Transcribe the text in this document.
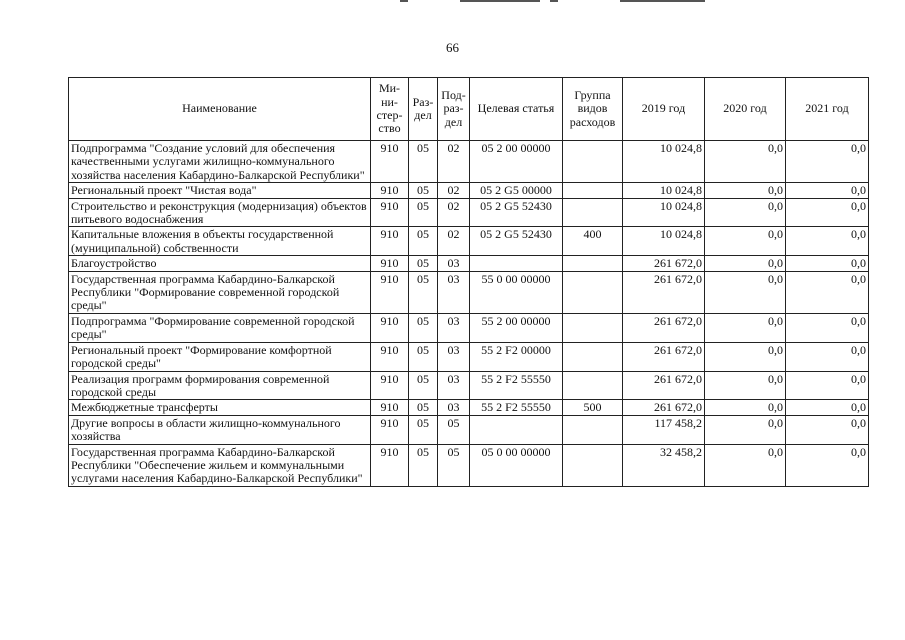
66
Наименование	Ми-ни-стер-ство	Раз-дел	Под-раз-дел	Целевая статья	Группа видов расходов	2019 год	2020 год	2021 год
Подпрограмма "Создание условий для обеспечения качественными услугами жилищно-коммунального хозяйства населения Кабардино-Балкарской Республики"	910	05	02	05 2 00 00000		10 024,8	0,0	0,0
Региональный проект "Чистая вода"	910	05	02	05 2 G5 00000		10 024,8	0,0	0,0
Строительство и реконструкция (модернизация) объектов питьевого водоснабжения	910	05	02	05 2 G5 52430		10 024,8	0,0	0,0
Капитальные вложения в объекты государственной (муниципальной) собственности	910	05	02	05 2 G5 52430	400	10 024,8	0,0	0,0
Благоустройство	910	05	03			261 672,0	0,0	0,0
Государственная программа Кабардино-Балкарской Республики "Формирование современной городской среды"	910	05	03	55 0 00 00000		261 672,0	0,0	0,0
Подпрограмма "Формирование современной городской среды"	910	05	03	55 2 00 00000		261 672,0	0,0	0,0
Региональный проект "Формирование комфортной городской среды"	910	05	03	55 2 F2 00000		261 672,0	0,0	0,0
Реализация программ формирования современной городской среды	910	05	03	55 2 F2 55550		261 672,0	0,0	0,0
Межбюджетные трансферты	910	05	03	55 2 F2 55550	500	261 672,0	0,0	0,0
Другие вопросы в области жилищно-коммунального хозяйства	910	05	05			117 458,2	0,0	0,0
Государственная программа Кабардино-Балкарской Республики "Обеспечение жильем и коммунальными услугами населения Кабардино-Балкарской Республики"	910	05	05	05 0 00 00000		32 458,2	0,0	0,0
